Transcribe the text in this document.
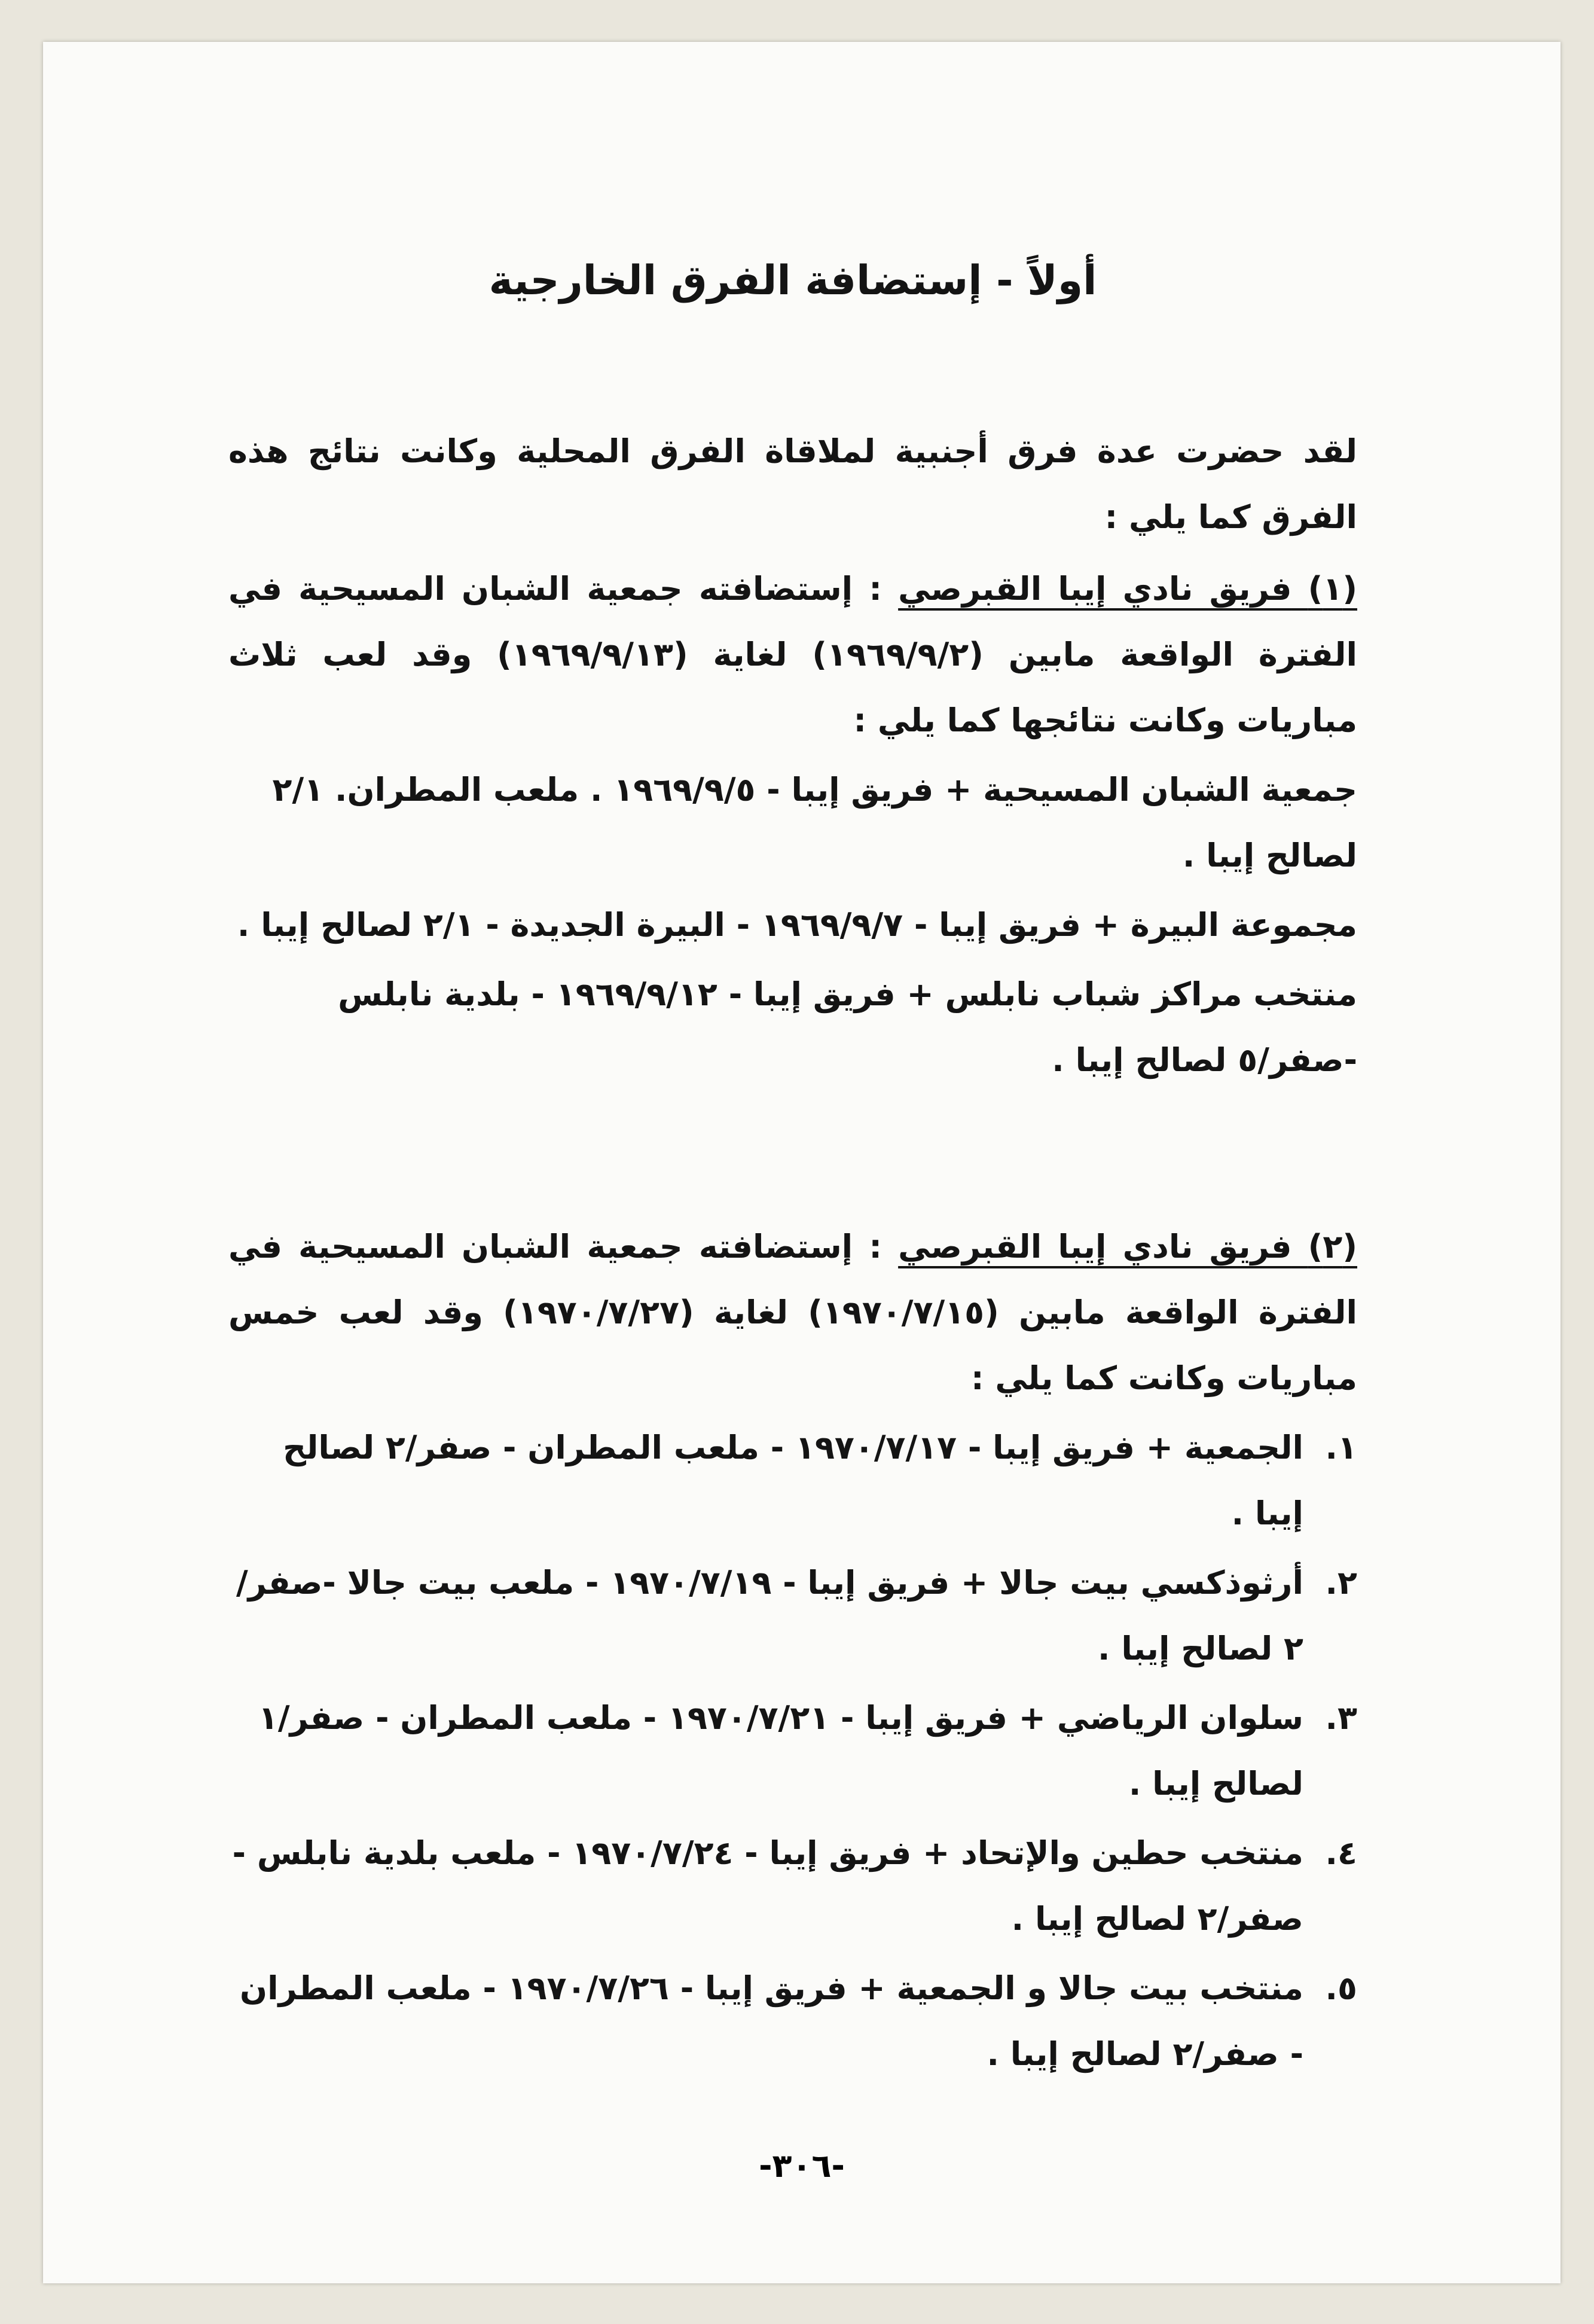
أولاً - إستضافة الفرق الخارجية
لقد حضرت عدة فرق أجنبية لملاقاة الفرق المحلية وكانت نتائج هذه الفرق كما يلي :
(١) فريق نادي إيبا القبرصي : إستضافته جمعية الشبان المسيحية في الفترة الواقعة مابين (١٩٦٩/٩/٢) لغاية (١٩٦٩/٩/١٣) وقد لعب ثلاث مباريات وكانت نتائجها كما يلي :
جمعية الشبان المسيحية + فريق إيبا - ١٩٦٩/٩/٥ . ملعب المطران. ٢/١ لصالح إيبا .
مجموعة البيرة + فريق إيبا - ١٩٦٩/٩/٧ - البيرة الجديدة - ٢/١ لصالح إيبا .
منتخب مراكز شباب نابلس + فريق إيبا - ١٩٦٩/٩/١٢ - بلدية نابلس -صفر/٥ لصالح إيبا .
(٢) فريق نادي إيبا القبرصي : إستضافته جمعية الشبان المسيحية في الفترة الواقعة مابين (١٩٧٠/٧/١٥) لغاية (١٩٧٠/٧/٢٧) وقد لعب خمس مباريات وكانت كما يلي :
١.
الجمعية + فريق إيبا - ١٩٧٠/٧/١٧ - ملعب المطران - صفر/٢ لصالح إيبا .
٢.
أرثوذكسي بيت جالا + فريق إيبا - ١٩٧٠/٧/١٩ - ملعب بيت جالا -صفر/٢ لصالح إيبا .
٣.
سلوان الرياضي + فريق إيبا - ١٩٧٠/٧/٢١ - ملعب المطران - صفر/١ لصالح إيبا .
٤.
منتخب حطين والإتحاد + فريق إيبا - ١٩٧٠/٧/٢٤ - ملعب بلدية نابلس - صفر/٢ لصالح إيبا .
٥.
منتخب بيت جالا و الجمعية + فريق إيبا - ١٩٧٠/٧/٢٦ - ملعب المطران - صفر/٢ لصالح إيبا .
-٣٠٦-
